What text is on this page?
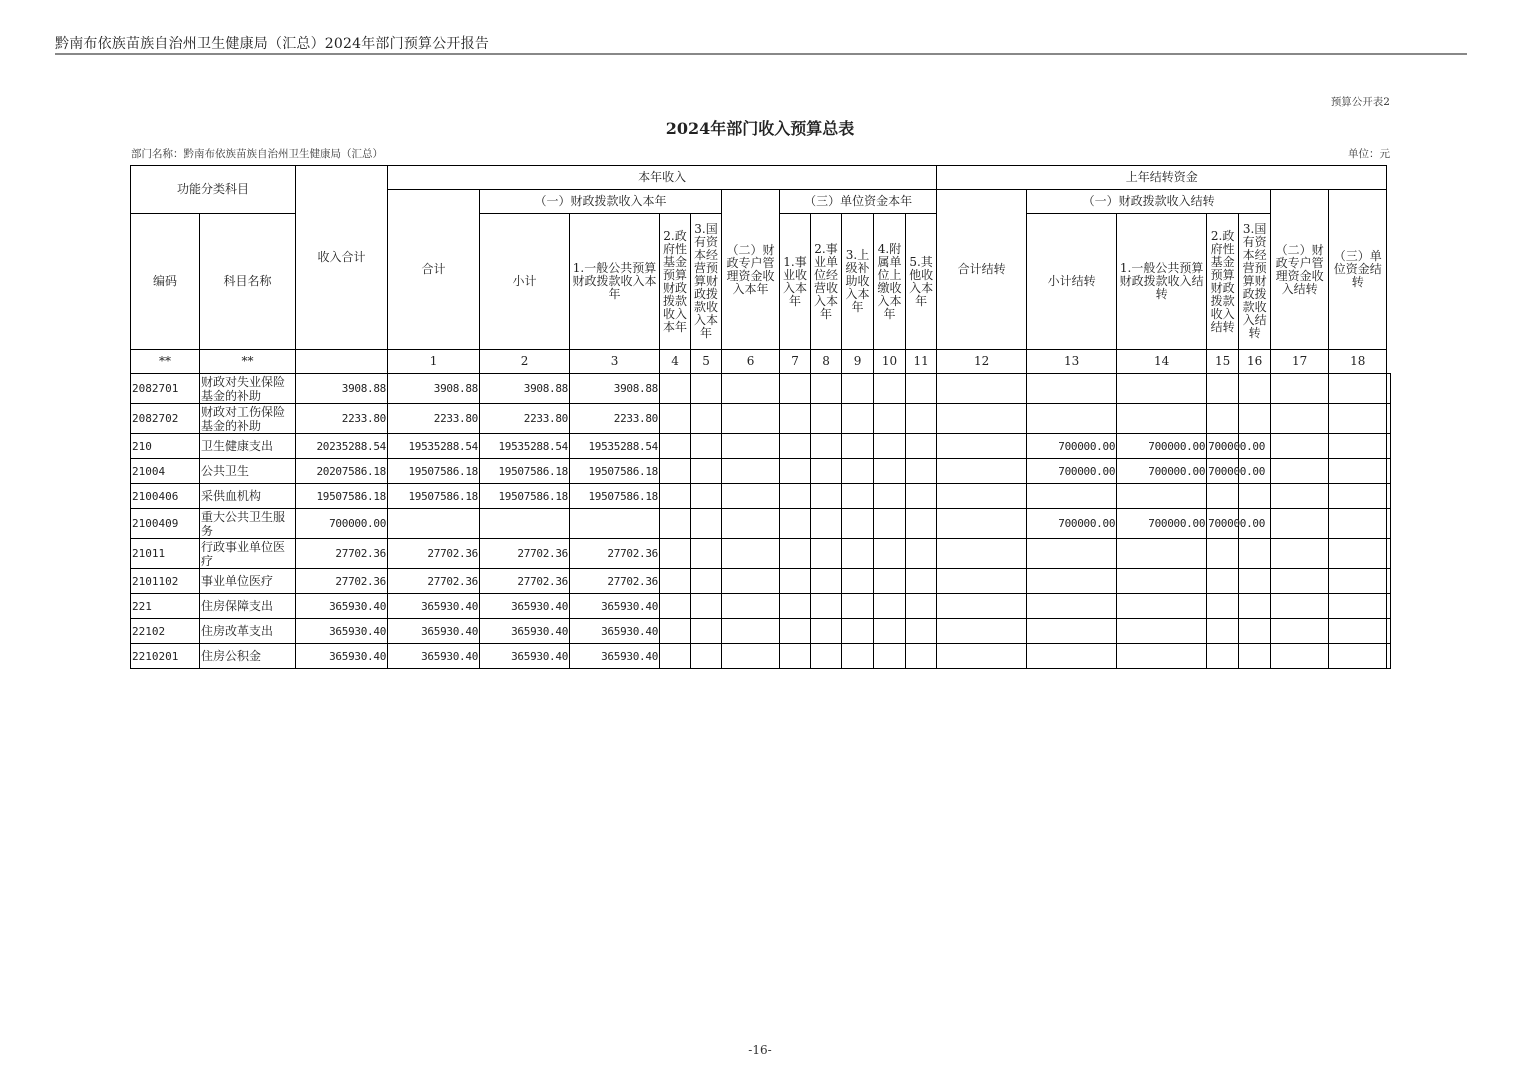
黔南布依族苗族自治州卫生健康局（汇总）2024年部门预算公开报告
预算公开表2
2024年部门收入预算总表
部门名称：黔南布依族苗族自治州卫生健康局（汇总）	单位：元
功能分类科目		收入合计	本年收入											上年结转资金							
			合计	（一）财政拨款收入本年				（二）财政专户管理资金收入本年	（三）单位资金本年					合计结转	（一）财政拨款收入结转				（二）财政专户管理资金收入结转	（三）单位资金结转	
编码	科目名称			小计	1.一般公共预算财政拨款收入本年	2.政府性基金预算财政拨款收入本年	3.国有资本经营预算财政拨款收入本年		1.事业收入本年	2.事业单位经营收入本年	3.上级补助收入本年	4.附属单位上缴收入本年	5.其他收入本年		小计结转	1.一般公共预算财政拨款收入结转	2.政府性基金预算财政拨款收入结转	3.国有资本经营预算财政拨款收入结转			
**	**		1	2	3	4	5	6	7	8	9	10	11	12	13	14	15	16	17	18	
2082701	财政对失业保险基金的补助	3908.88	3908.88	3908.88	3908.88																
2082702	财政对工伤保险基金的补助	2233.80	2233.80	2233.80	2233.80																
210	卫生健康支出	20235288.54	19535288.54	19535288.54	19535288.54										700000.00	700000.00	700000.00				
21004	公共卫生	20207586.18	19507586.18	19507586.18	19507586.18										700000.00	700000.00	700000.00				
2100406	采供血机构	19507586.18	19507586.18	19507586.18	19507586.18																
2100409	重大公共卫生服务	700000.00													700000.00	700000.00	700000.00				
21011	行政事业单位医疗	27702.36	27702.36	27702.36	27702.36																
2101102	事业单位医疗	27702.36	27702.36	27702.36	27702.36																
221	住房保障支出	365930.40	365930.40	365930.40	365930.40																
22102	住房改革支出	365930.40	365930.40	365930.40	365930.40																
2210201	住房公积金	365930.40	365930.40	365930.40	365930.40																
-16-
